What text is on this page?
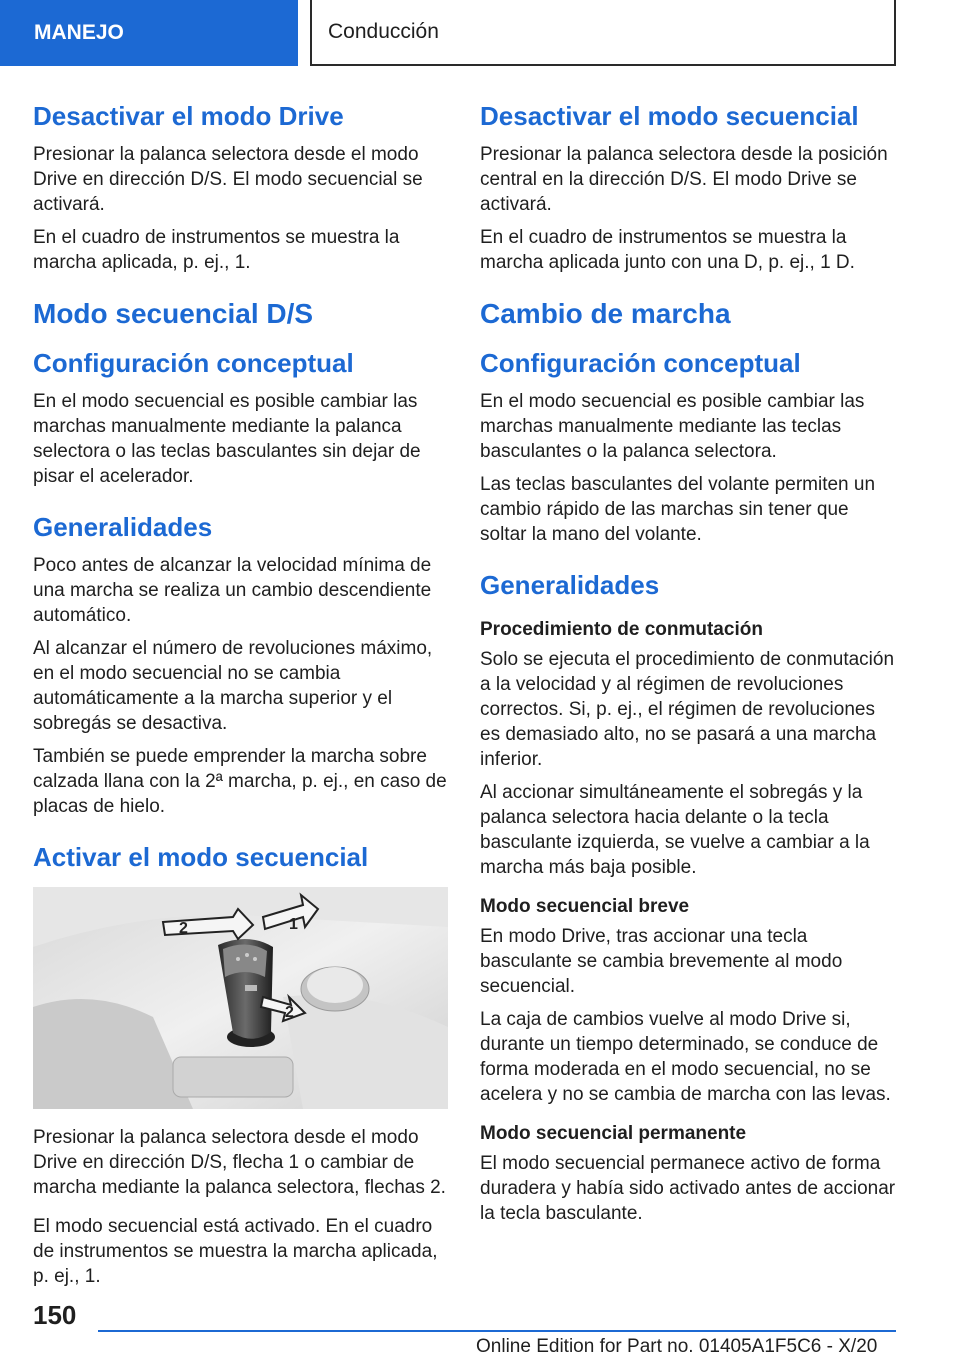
MANEJO	Conducción
Desactivar el modo Drive

Presionar la palanca selectora desde el modo Drive en dirección D/S. El modo secuencial se activará.

En el cuadro de instrumentos se muestra la marcha aplicada, p. ej., 1.

Modo secuencial D/S
Configuración conceptual

En el modo secuencial es posible cambiar las marchas manualmente mediante la palanca selectora o las teclas basculantes sin dejar de pisar el acelerador.

Generalidades

Poco antes de alcanzar la velocidad mínima de una marcha se realiza un cambio descendiente automático.

Al alcanzar el número de revoluciones máximo, en el modo secuencial no se cambia automáticamente a la marcha superior y el sobregás se desactiva.

También se puede emprender la marcha sobre calzada llana con la 2ª marcha, p. ej., en caso de placas de hielo.

Activar el modo secuencial
2	1
2

Presionar la palanca selectora desde el modo Drive en dirección D/S, flecha 1 o cambiar de marcha mediante la palanca selectora, flechas 2.

El modo secuencial está activado. En el cuadro de instrumentos se muestra la marcha aplicada, p. ej., 1.

Desactivar el modo secuencial

Presionar la palanca selectora desde la posición central en la dirección D/S. El modo Drive se activará.

En el cuadro de instrumentos se muestra la marcha aplicada junto con una D, p. ej., 1 D.

Cambio de marcha
Configuración conceptual

En el modo secuencial es posible cambiar las marchas manualmente mediante las teclas basculantes o la palanca selectora.

Las teclas basculantes del volante permiten un cambio rápido de las marchas sin tener que soltar la mano del volante.

Generalidades
Procedimiento de conmutación

Solo se ejecuta el procedimiento de conmutación a la velocidad y al régimen de revoluciones correctos. Si, p. ej., el régimen de revoluciones es demasiado alto, no se pasará a una marcha inferior.

Al accionar simultáneamente el sobregás y la palanca selectora hacia delante o la tecla basculante izquierda, se vuelve a cambiar a la marcha más baja posible.

Modo secuencial breve

En modo Drive, tras accionar una tecla basculante se cambia brevemente al modo secuencial.

La caja de cambios vuelve al modo Drive si, durante un tiempo determinado, se conduce de forma moderada en el modo secuencial, no se acelera y no se cambia de marcha con las levas.

Modo secuencial permanente

El modo secuencial permanece activo de forma duradera y había sido activado antes de accionar la tecla basculante.

150
Online Edition for Part no. 01405A1F5C6 - X/20
